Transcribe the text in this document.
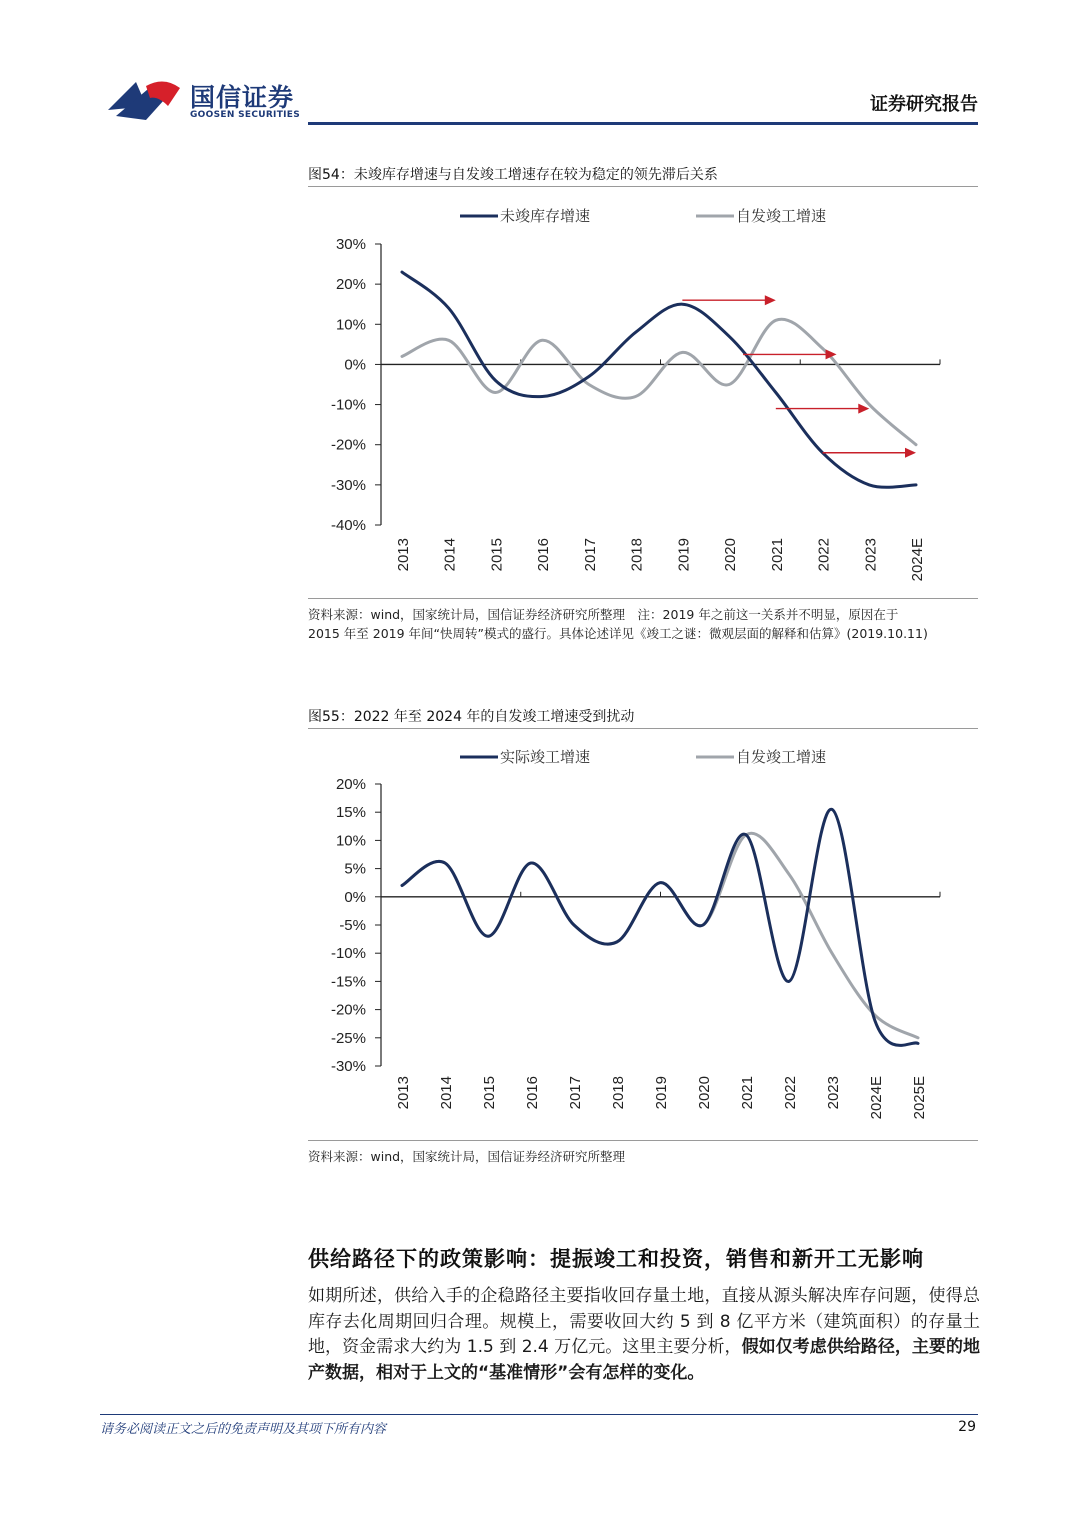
国信证券
GOOSEN SECURITIES	证券研究报告
图54：未竣库存增速与自发竣工增速存在较为稳定的领先滞后关系
未竣库存增速	自发竣工增速
30%
20%
10%
0%
-10%
-20%
-30%
-40%
2013 2014 2015 2016 2017 2018 2019 2020 2021 2022 2023 2024E
资料来源：wind，国家统计局，国信证券经济研究所整理　注：2019 年之前这一关系并不明显，原因在于
2015 年至 2019 年间“快周转”模式的盛行。具体论述详见《竣工之谜：微观层面的解释和估算》(2019.10.11)
图55：2022 年至 2024 年的自发竣工增速受到扰动
实际竣工增速	自发竣工增速
20%
15%
10%
5%
0%
-5%
-10%
-15%
-20%
-25%
-30%
2013 2014 2015 2016 2017 2018 2019 2020 2021 2022 2023 2024E 2025E
资料来源：wind，国家统计局，国信证券经济研究所整理
供给路径下的政策影响：提振竣工和投资，销售和新开工无影响
如期所述，供给入手的企稳路径主要指收回存量土地，直接从源头解决库存问题，使得总库存去化周期回归合理。规模上，需要收回大约 5 到 8 亿平方米（建筑面积）的存量土地，资金需求大约为 1.5 到 2.4 万亿元。这里主要分析，假如仅考虑供给路径，主要的地产数据，相对于上文的“基准情形”会有怎样的变化。
请务必阅读正文之后的免责声明及其项下所有内容	29
